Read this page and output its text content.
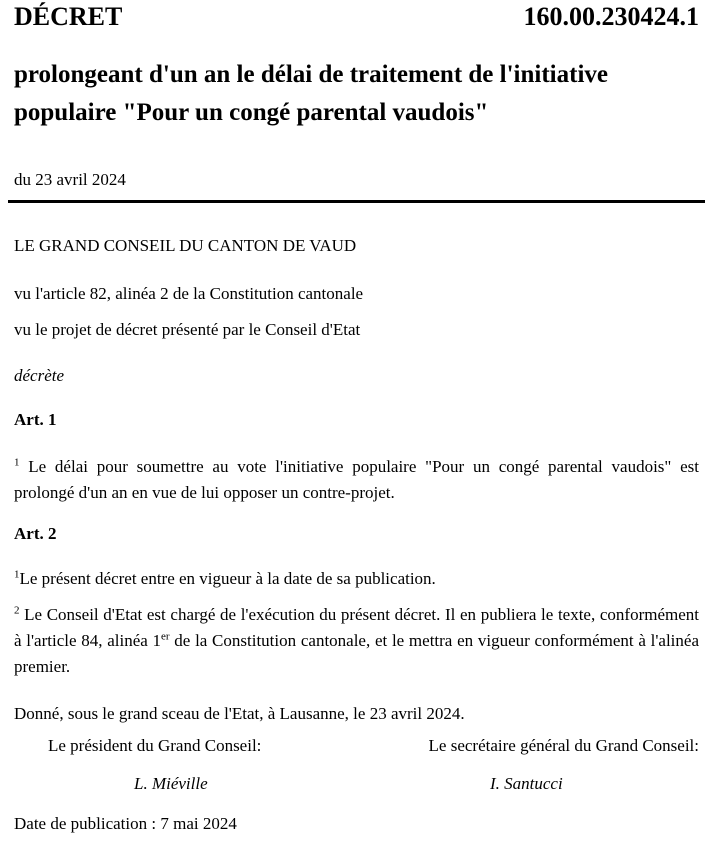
DÉCRET	160.00.230424.1
prolongeant d'un an le délai de traitement de l'initiative populaire "Pour un congé parental vaudois"
du 23 avril 2024
LE GRAND CONSEIL DU CANTON DE VAUD
vu l'article 82, alinéa 2 de la Constitution cantonale
vu le projet de décret présenté par le Conseil d'Etat
décrète
Art. 1
$^1$ Le délai pour soumettre au vote l'initiative populaire "Pour un congé parental vaudois" est prolongé d'un an en vue de lui opposer un contre-projet.
Art. 2
$^1$Le présent décret entre en vigueur à la date de sa publication.
$^2$ Le Conseil d'Etat est chargé de l'exécution du présent décret. Il en publiera le texte, conformément à l'article 84, alinéa 1er de la Constitution cantonale, et le mettra en vigueur conformément à l'alinéa premier.
Donné, sous le grand sceau de l'Etat, à Lausanne, le 23 avril 2024.
Le président du Grand Conseil:	Le secrétaire général du Grand Conseil:
L. Miéville	I. Santucci
Date de publication : 7 mai 2024
